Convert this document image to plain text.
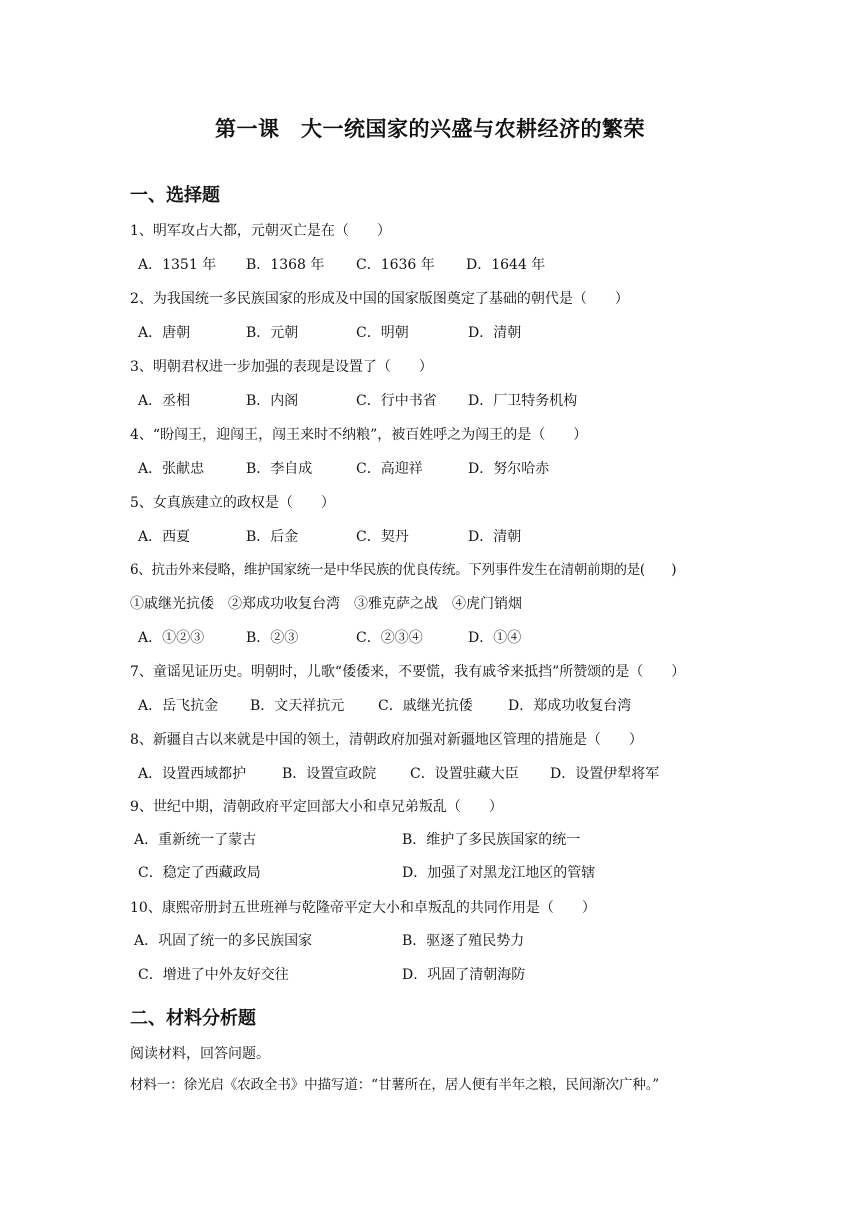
第一课　大一统国家的兴盛与农耕经济的繁荣
一、选择题
1、明军攻占大都，元朝灭亡是在（　　）
A．1351 年 B．1368 年 C．1636 年 D．1644 年
2、为我国统一多民族国家的形成及中国的国家版图奠定了基础的朝代是（　　）
A．唐朝	B．元朝	C．明朝	D．清朝
3、明朝君权进一步加强的表现是设置了（　　）
A．丞相	B．内阁	C．行中书省 D．厂卫特务机构
4、“盼闯王，迎闯王，闯王来时不纳粮”，被百姓呼之为闯王的是（　　）
A．张献忠	B．李自成	C．高迎祥	D．努尔哈赤
5、女真族建立的政权是（　　）
A．西夏	B．后金	C．契丹	D．清朝
6、抗击外来侵略，维护国家统一是中华民族的优良传统。下列事件发生在清朝前期的是(　　)
①戚继光抗倭　②郑成功收复台湾　③雅克萨之战　④虎门销烟
A．①②③	B．②③	C．②③④	D．①④
7、童谣见证历史。明朝时，儿歌“倭倭来，不要慌，我有戚爷来抵挡”所赞颂的是（　　）
A．岳飞抗金 B．文天祥抗元 C．戚继光抗倭	D．郑成功收复台湾
8、新疆自古以来就是中国的领土，清朝政府加强对新疆地区管理的措施是（　　）
A．设置西域都护	B．设置宣政院 C．设置驻藏大臣 D．设置伊犁将军
9、世纪中期，清朝政府平定回部大小和卓兄弟叛乱（　　）
A．重新统一了蒙古	B．维护了多民族国家的统一
C．稳定了西藏政局	D．加强了对黑龙江地区的管辖
10、康熙帝册封五世班禅与乾隆帝平定大小和卓叛乱的共同作用是（　　）
A．巩固了统一的多民族国家	B．驱逐了殖民势力
C．增进了中外友好交往	D．巩固了清朝海防
二、材料分析题
阅读材料，回答问题。
材料一：徐光启《农政全书》中描写道：“甘薯所在，居人便有半年之粮，民间渐次广种。”
